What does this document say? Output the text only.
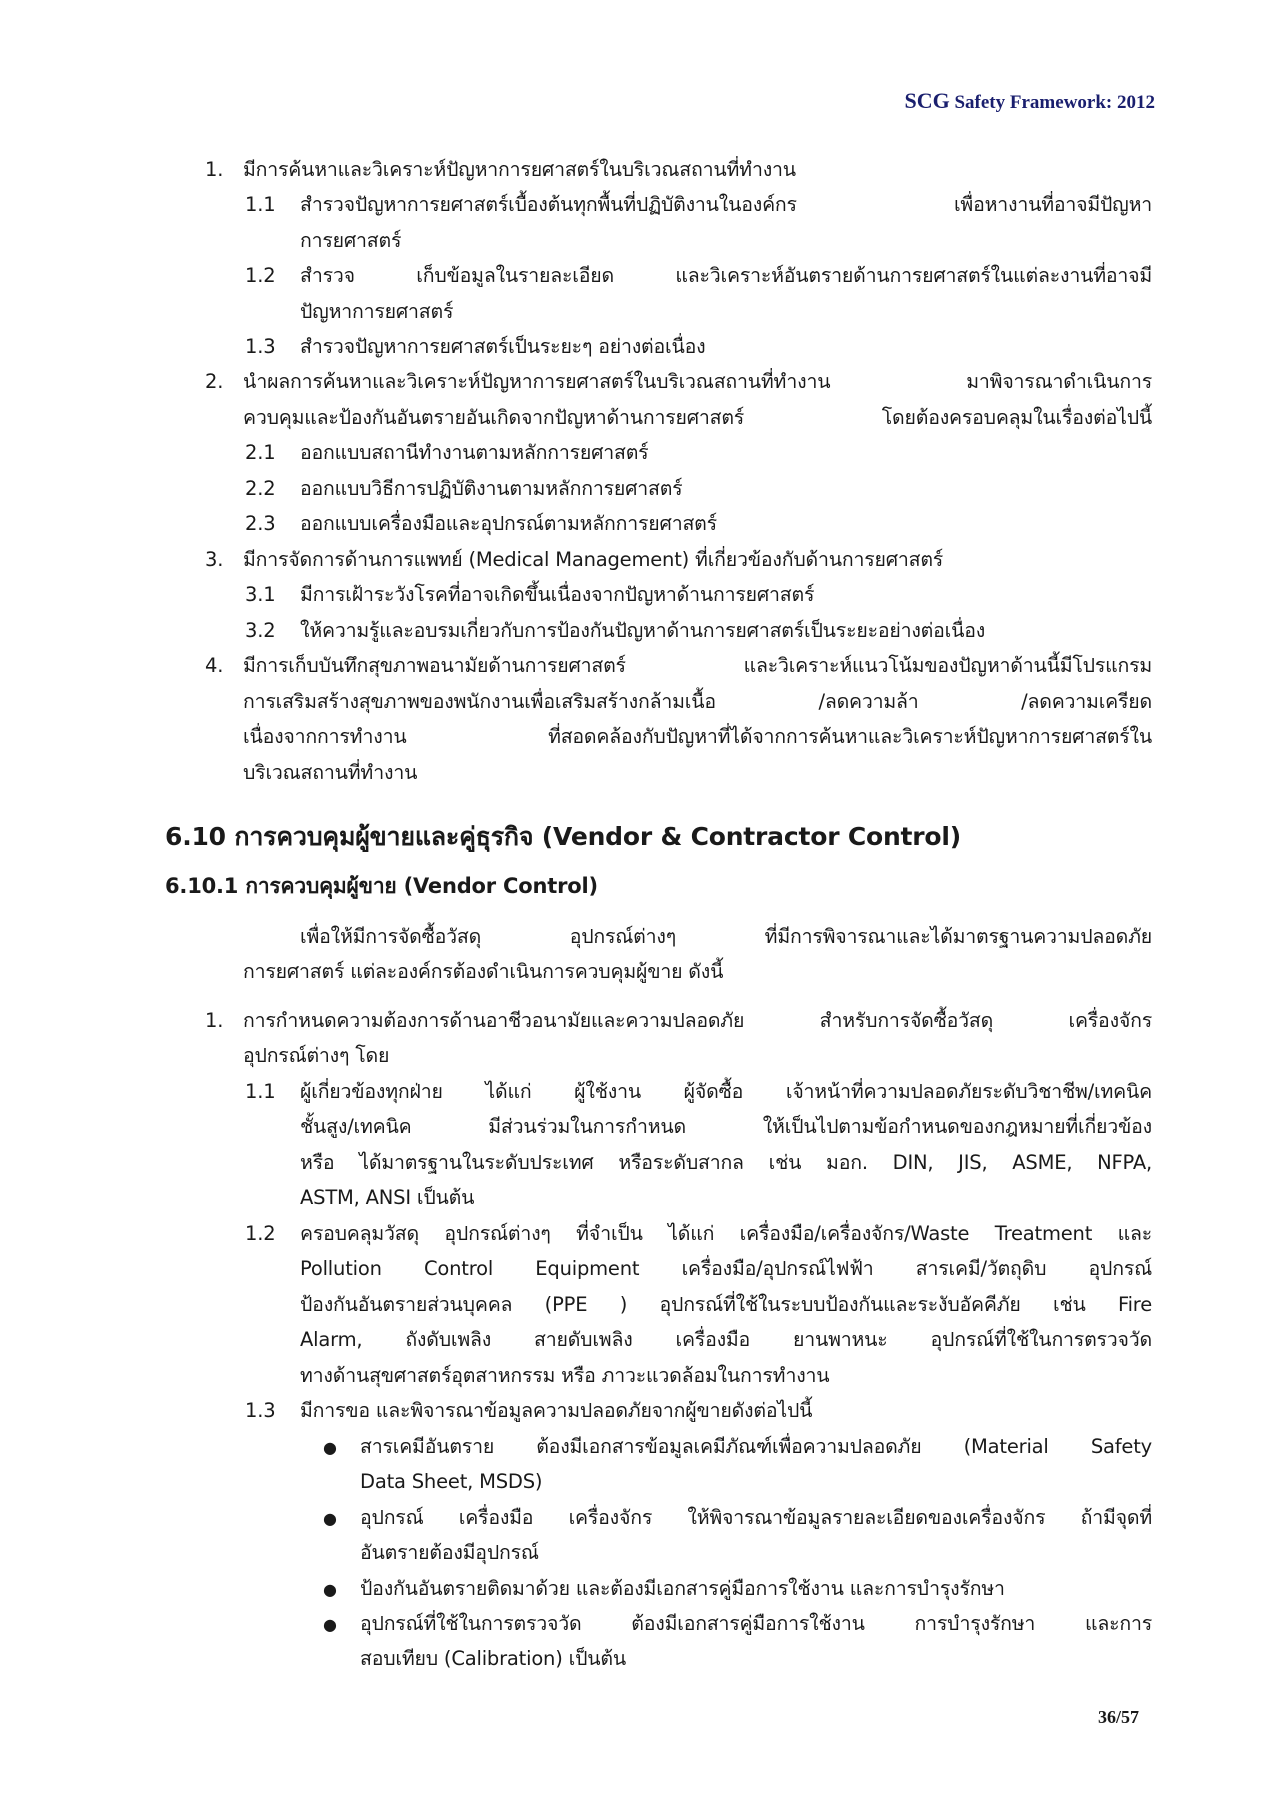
SCG Safety Framework: 2012
1. มีการค้นหาและวิเคราะห์ปัญหาการยศาสตร์ในบริเวณสถานที่ทำงาน
1.1 สำรวจปัญหาการยศาสตร์เบื้องต้นทุกพื้นที่ปฏิบัติงานในองค์กร เพื่อหางานที่อาจมีปัญหา
การยศาสตร์
1.2 สำรวจ เก็บข้อมูลในรายละเอียด และวิเคราะห์อันตรายด้านการยศาสตร์ในแต่ละงานที่อาจมี
ปัญหาการยศาสตร์
1.3 สำรวจปัญหาการยศาสตร์เป็นระยะๆ อย่างต่อเนื่อง
2. นำผลการค้นหาและวิเคราะห์ปัญหาการยศาสตร์ในบริเวณสถานที่ทำงาน มาพิจารณาดำเนินการ
ควบคุมและป้องกันอันตรายอันเกิดจากปัญหาด้านการยศาสตร์ โดยต้องครอบคลุมในเรื่องต่อไปนี้
2.1 ออกแบบสถานีทำงานตามหลักการยศาสตร์
2.2 ออกแบบวิธีการปฏิบัติงานตามหลักการยศาสตร์
2.3 ออกแบบเครื่องมือและอุปกรณ์ตามหลักการยศาสตร์
3. มีการจัดการด้านการแพทย์ (Medical Management) ที่เกี่ยวข้องกับด้านการยศาสตร์
3.1 มีการเฝ้าระวังโรคที่อาจเกิดขึ้นเนื่องจากปัญหาด้านการยศาสตร์
3.2 ให้ความรู้และอบรมเกี่ยวกับการป้องกันปัญหาด้านการยศาสตร์เป็นระยะอย่างต่อเนื่อง
4. มีการเก็บบันทึกสุขภาพอนามัยด้านการยศาสตร์ และวิเคราะห์แนวโน้มของปัญหาด้านนี้มีโปรแกรม
การเสริมสร้างสุขภาพของพนักงานเพื่อเสริมสร้างกล้ามเนื้อ /ลดความล้า /ลดความเครียด
เนื่องจากการทำงาน ที่สอดคล้องกับปัญหาที่ได้จากการค้นหาและวิเคราะห์ปัญหาการยศาสตร์ใน
บริเวณสถานที่ทำงาน
6.10 การควบคุมผู้ขายและคู่ธุรกิจ (Vendor & Contractor Control)
6.10.1 การควบคุมผู้ขาย (Vendor Control)
เพื่อให้มีการจัดซื้อวัสดุ อุปกรณ์ต่างๆ ที่มีการพิจารณาและได้มาตรฐานความปลอดภัย
การยศาสตร์ แต่ละองค์กรต้องดำเนินการควบคุมผู้ขาย ดังนี้
1. การกำหนดความต้องการด้านอาชีวอนามัยและความปลอดภัย สำหรับการจัดซื้อวัสดุ เครื่องจักร
อุปกรณ์ต่างๆ โดย
1.1 ผู้เกี่ยวข้องทุกฝ่าย ได้แก่ ผู้ใช้งาน ผู้จัดซื้อ เจ้าหน้าที่ความปลอดภัยระดับวิชาชีพ/เทคนิค
ชั้นสูง/เทคนิค มีส่วนร่วมในการกำหนด ให้เป็นไปตามข้อกำหนดของกฎหมายที่เกี่ยวข้อง
หรือ ได้มาตรฐานในระดับประเทศ หรือระดับสากล เช่น มอก. DIN, JIS, ASME, NFPA,
ASTM, ANSI เป็นต้น
1.2 ครอบคลุมวัสดุ อุปกรณ์ต่างๆ ที่จำเป็น ได้แก่ เครื่องมือ/เครื่องจักร/Waste Treatment และ
Pollution Control Equipment เครื่องมือ/อุปกรณ์ไฟฟ้า สารเคมี/วัตถุดิบ อุปกรณ์
ป้องกันอันตรายส่วนบุคคล (PPE ) อุปกรณ์ที่ใช้ในระบบป้องกันและระงับอัคคีภัย เช่น Fire
Alarm, ถังดับเพลิง สายดับเพลิง เครื่องมือ ยานพาหนะ อุปกรณ์ที่ใช้ในการตรวจวัด
ทางด้านสุขศาสตร์อุตสาหกรรม หรือ ภาวะแวดล้อมในการทำงาน
1.3 มีการขอ และพิจารณาข้อมูลความปลอดภัยจากผู้ขายดังต่อไปนี้
● สารเคมีอันตราย ต้องมีเอกสารข้อมูลเคมีภัณฑ์เพื่อความปลอดภัย (Material Safety
Data Sheet, MSDS)
● อุปกรณ์ เครื่องมือ เครื่องจักร ให้พิจารณาข้อมูลรายละเอียดของเครื่องจักร ถ้ามีจุดที่
อันตรายต้องมีอุปกรณ์
● ป้องกันอันตรายติดมาด้วย และต้องมีเอกสารคู่มือการใช้งาน และการบำรุงรักษา
● อุปกรณ์ที่ใช้ในการตรวจวัด ต้องมีเอกสารคู่มือการใช้งาน การบำรุงรักษา และการ
สอบเทียบ (Calibration) เป็นต้น
36/57
